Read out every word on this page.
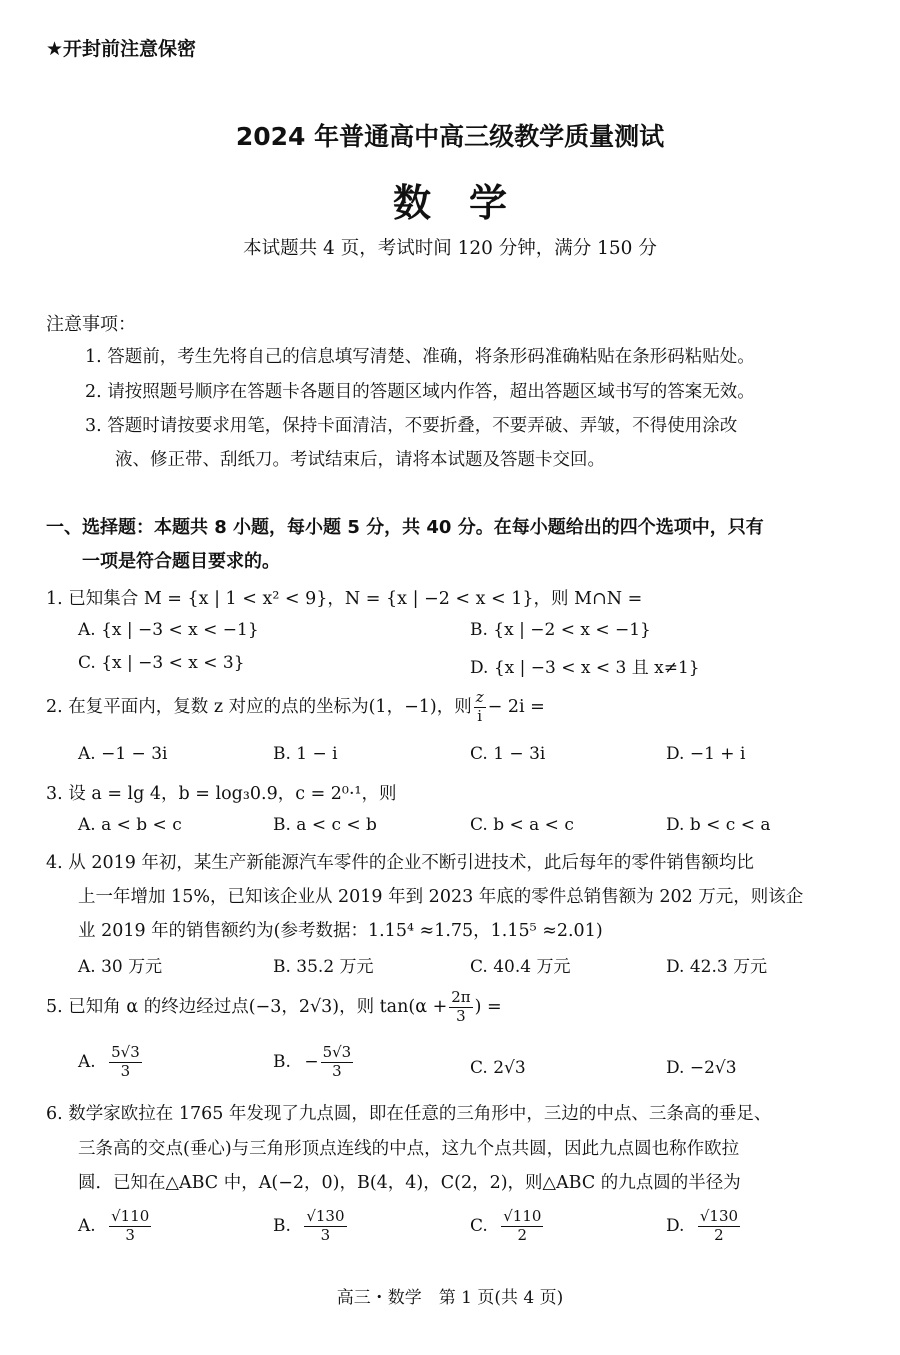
★开封前注意保密
2024 年普通高中高三级教学质量测试
数　学
本试题共 4 页，考试时间 120 分钟，满分 150 分
注意事项：
1. 答题前，考生先将自己的信息填写清楚、准确，将条形码准确粘贴在条形码粘贴处。
2. 请按照题号顺序在答题卡各题目的答题区域内作答，超出答题区域书写的答案无效。
3. 答题时请按要求用笔，保持卡面清洁，不要折叠，不要弄破、弄皱，不得使用涂改
液、修正带、刮纸刀。考试结束后，请将本试题及答题卡交回。
一、选择题：本题共 8 小题，每小题 5 分，共 40 分。在每小题给出的四个选项中，只有
一项是符合题目要求的。
1. 已知集合 M = {x | 1 < x² < 9}，N = {x | −2 < x < 1}，则 M∩N =
A. {x | −3 < x < −1}	B. {x | −2 < x < −1}
C. {x | −3 < x < 3}	D. {x | −3 < x < 3 且 x≠1}
2. 在复平面内，复数 z 对应的点的坐标为(1，−1)，则 $\frac{z}{i} - 2i$ =
A. −1 − 3i	B. 1 − i	C. 1 − 3i	D. −1 + i
3. 设 a = lg 4，b = log₃0.9，c = 2⁰·¹，则
A. a < b < c	B. a < c < b	C. b < a < c	D. b < c < a
4. 从 2019 年初，某生产新能源汽车零件的企业不断引进技术，此后每年的零件销售额均比
上一年增加 15%，已知该企业从 2019 年到 2023 年底的零件总销售额为 202 万元，则该企
业 2019 年的销售额约为(参考数据：1.15⁴ ≈1.75，1.15⁵ ≈2.01)
A. 30 万元	B. 35.2 万元	C. 40.4 万元	D. 42.3 万元
5. 已知角 α 的终边经过点(−3，2√3)，则 $\tan(\alpha + \frac{2\pi}{3}$ ) =
A. $\frac{5√3}{3}$	B. − $\frac{5√3}{3}$	C. 2√3	D. −2√3
6. 数学家欧拉在 1765 年发现了九点圆，即在任意的三角形中，三边的中点、三条高的垂足、
三条高的交点(垂心)与三角形顶点连线的中点，这九个点共圆，因此九点圆也称作欧拉
圆．已知在△ABC 中，A(−2，0)，B(4，4)，C(2，2)，则△ABC 的九点圆的半径为
A. $\frac{√110}{3}$	B. $\frac{√130}{3}$	C. $\frac{√110}{2}$	D. $\frac{√130}{2}$
高三・数学　第 1 页(共 4 页)
